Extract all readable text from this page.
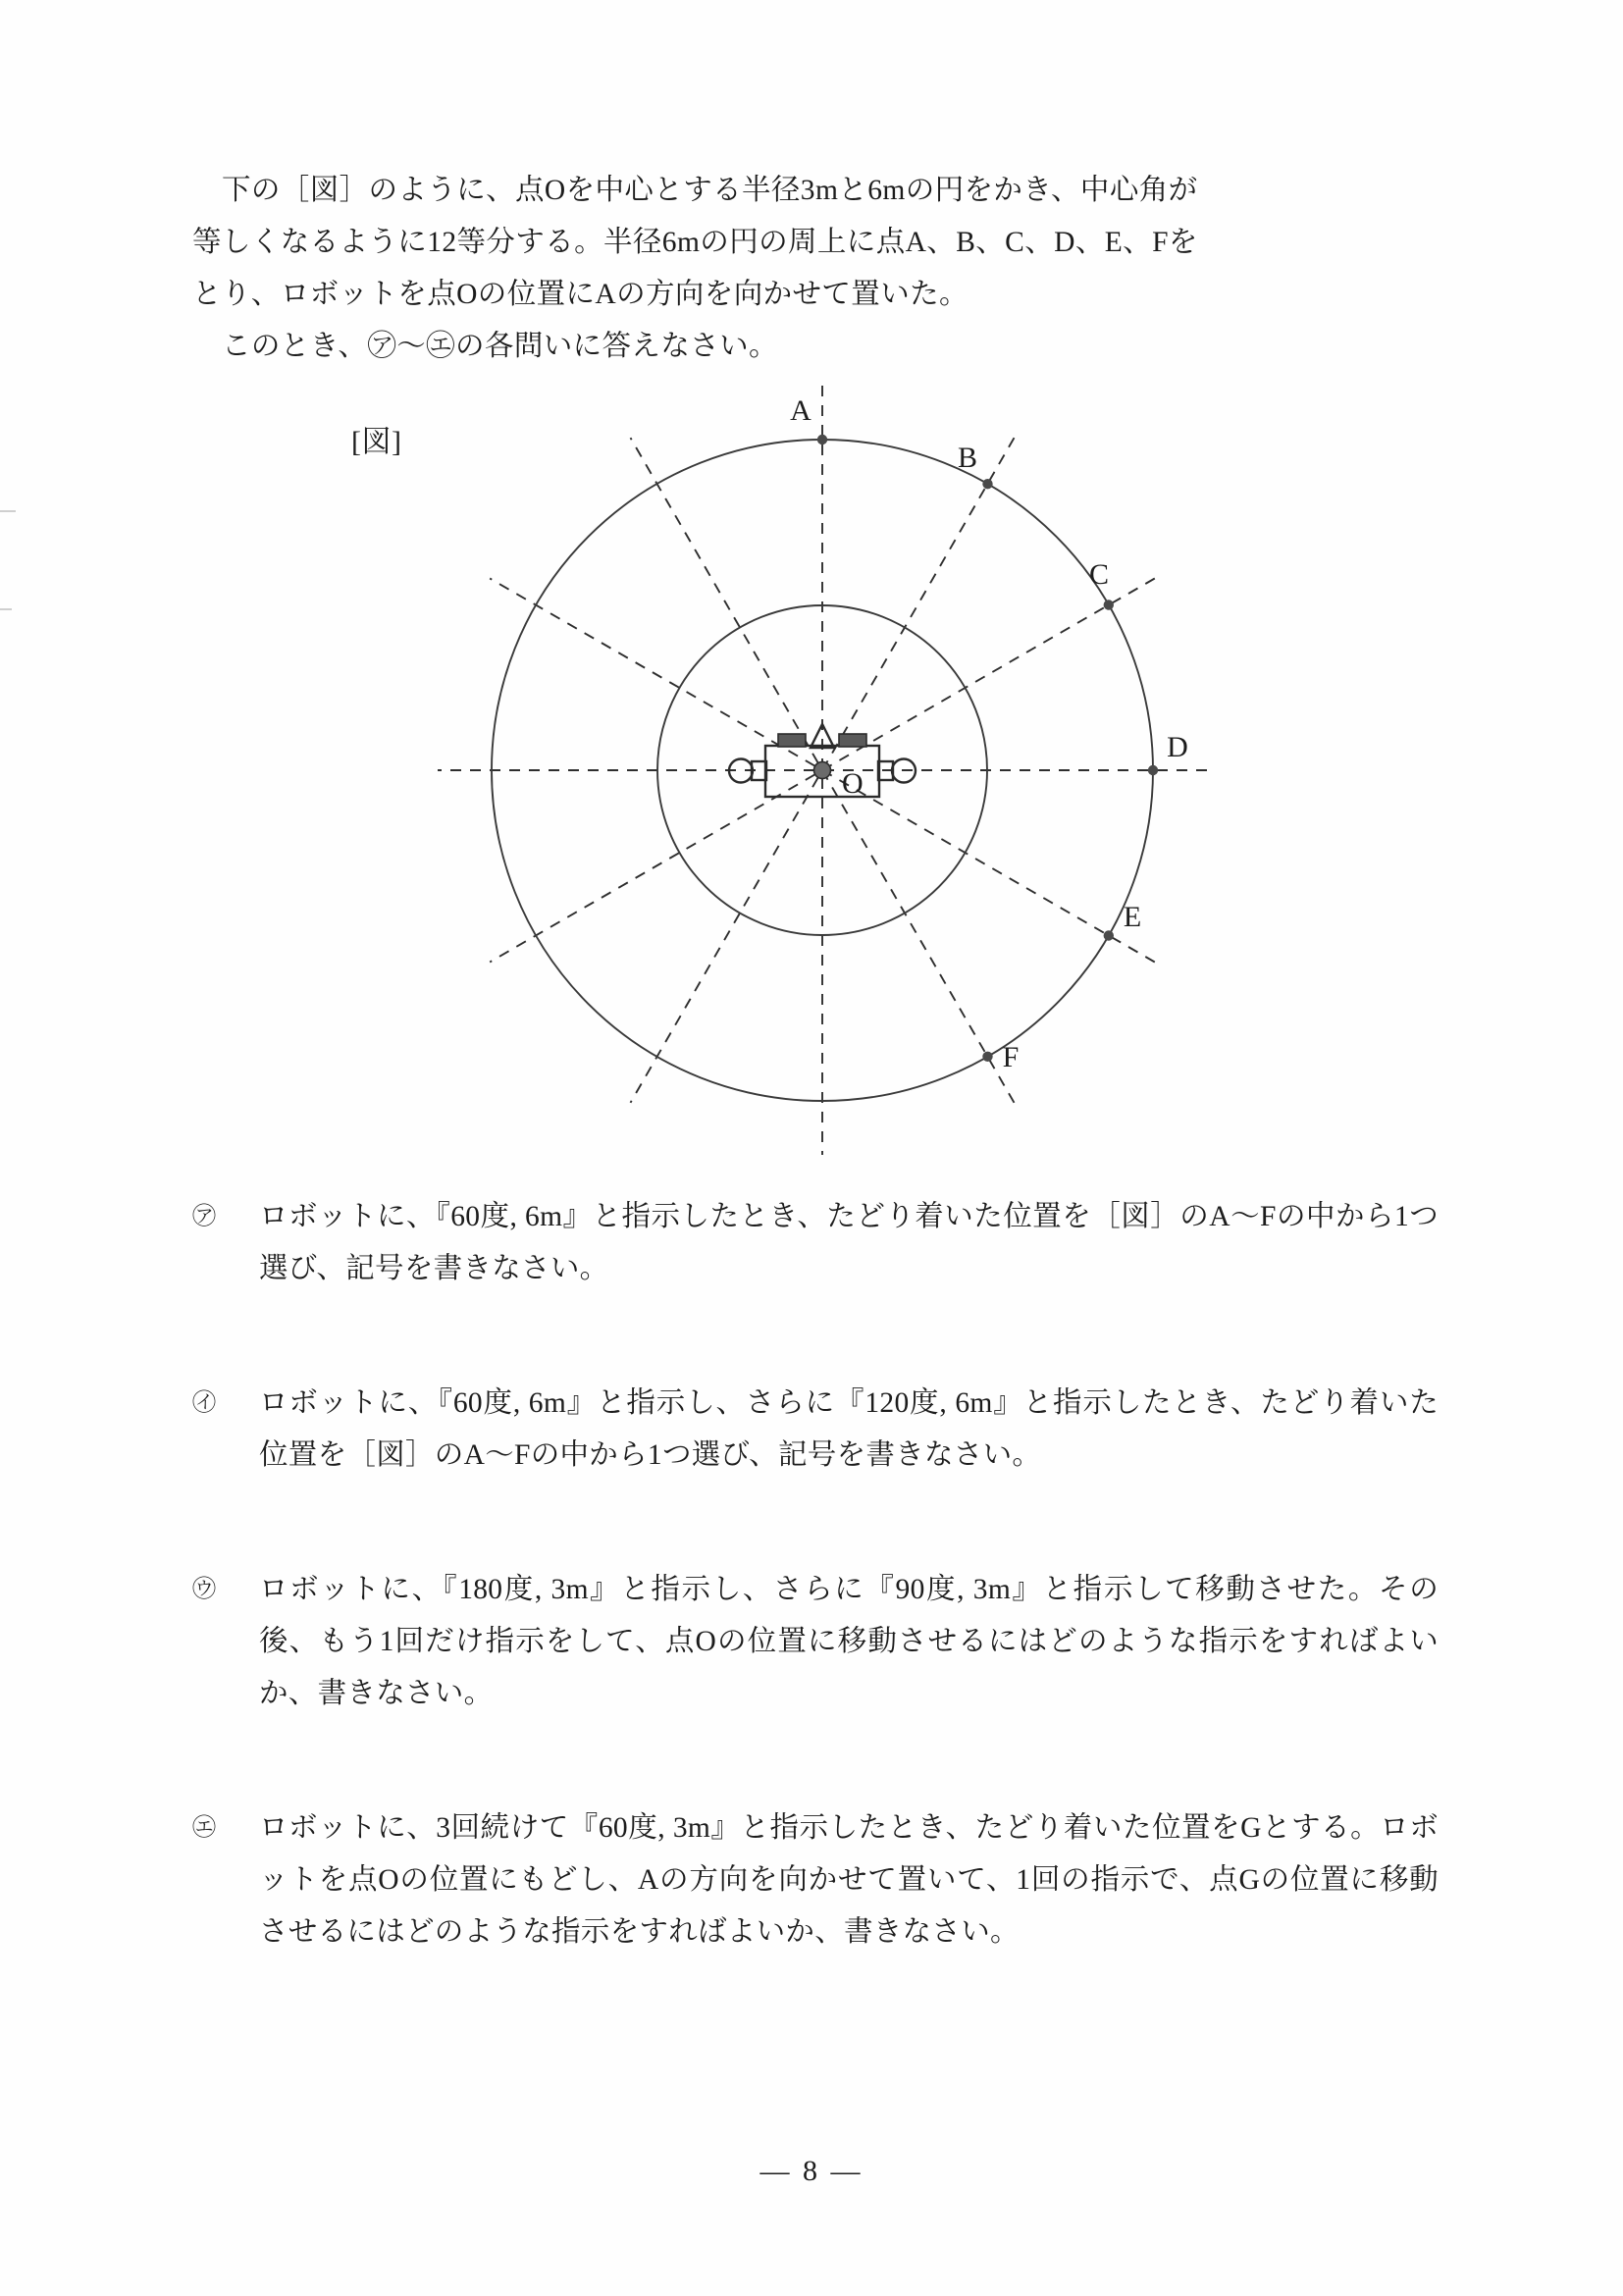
下の［図］のように、点Oを中心とする半径3mと6mの円をかき、中心角が

等しくなるように12等分する。半径6mの円の周上に点A、B、C、D、E、Fを

とり、ロボットを点Oの位置にAの方向を向かせて置いた。

このとき、㋐～㋓の各問いに答えなさい。

[図]
A
B
C
D
E
F
O
㋐	ロボットに、『60度, 6m』と指示したとき、たどり着いた位置を［図］のA～Fの中から1つ選び、記号を書きなさい。
㋑	ロボットに、『60度, 6m』と指示し、さらに『120度, 6m』と指示したとき、たどり着いた位置を［図］のA～Fの中から1つ選び、記号を書きなさい。
㋒	ロボットに、『180度, 3m』と指示し、さらに『90度, 3m』と指示して移動させた。その後、もう1回だけ指示をして、点Oの位置に移動させるにはどのような指示をすればよいか、書きなさい。
㋓	ロボットに、3回続けて『60度, 3m』と指示したとき、たどり着いた位置をGとする。ロボットを点Oの位置にもどし、Aの方向を向かせて置いて、1回の指示で、点Gの位置に移動させるにはどのような指示をすればよいか、書きなさい。
— 8 —
